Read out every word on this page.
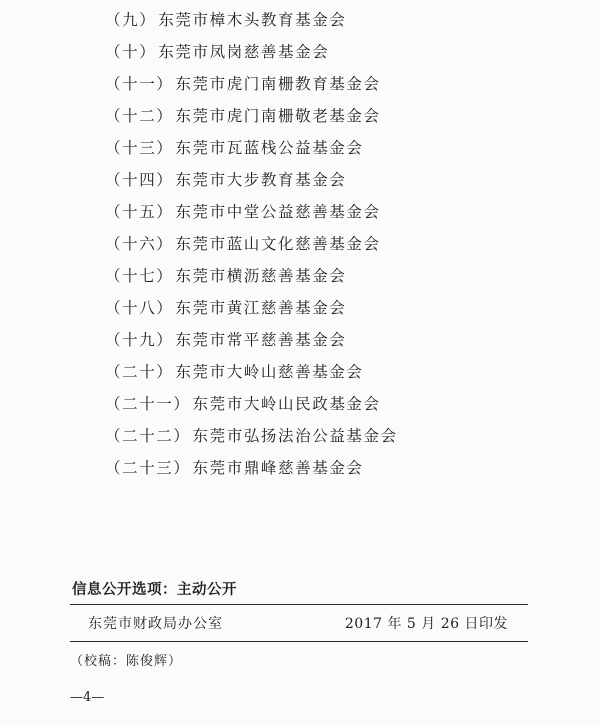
（九） 东莞市樟木头教育基金会
（十） 东莞市凤岗慈善基金会
（十一） 东莞市虎门南栅教育基金会
（十二） 东莞市虎门南栅敬老基金会
（十三） 东莞市瓦蓝栈公益基金会
（十四） 东莞市大步教育基金会
（十五） 东莞市中堂公益慈善基金会
（十六） 东莞市蓝山文化慈善基金会
（十七） 东莞市横沥慈善基金会
（十八） 东莞市黄江慈善基金会
（十九） 东莞市常平慈善基金会
（二十） 东莞市大岭山慈善基金会
（二十一） 东莞市大岭山民政基金会
（二十二） 东莞市弘扬法治公益基金会
（二十三） 东莞市鼎峰慈善基金会
信息公开选项：主动公开
东莞市财政局办公室	2017 年 5 月 26 日印发
（校稿：陈俊辉）
—4—
